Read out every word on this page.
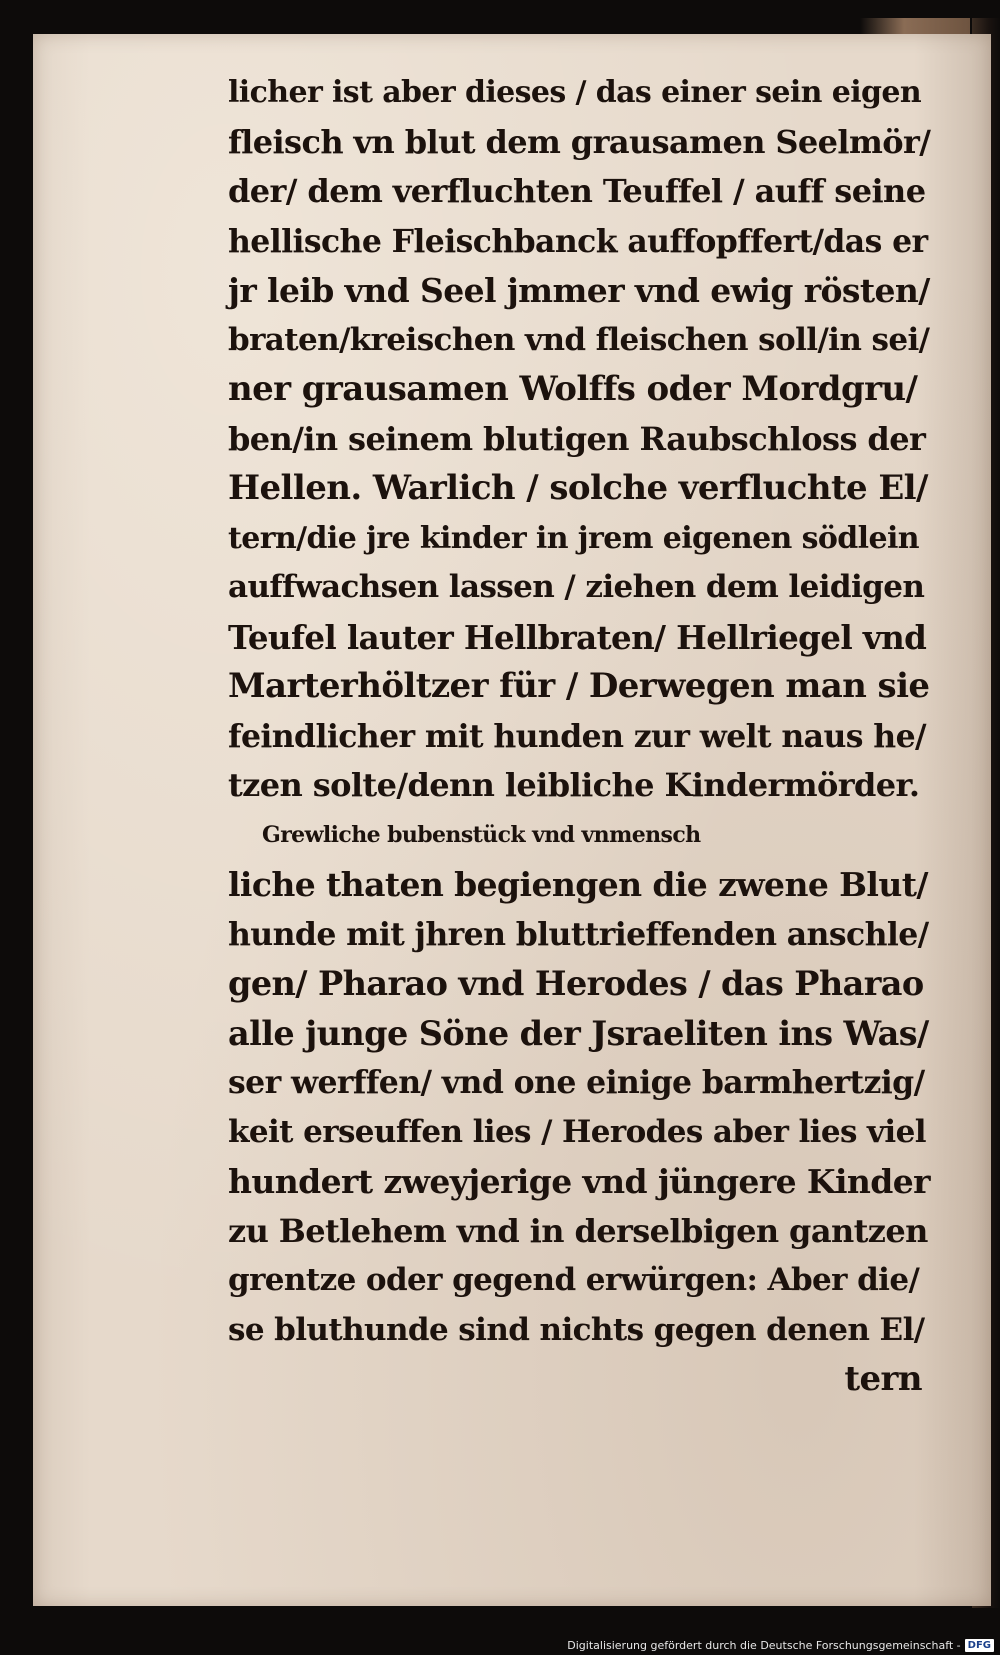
licher ist aber dieses / das einer sein eigen
fleisch vn blut dem grausamen Seelmör/
der/ dem verfluchten Teuffel / auff seine
hellische Fleischbanck auffopffert/das er
jr leib vnd Seel jmmer vnd ewig rösten/
braten/kreischen vnd fleischen soll/in sei/
ner grausamen Wolffs oder Mordgru/
ben/in seinem blutigen Raubschloss der
Hellen. Warlich / solche verfluchte El/
tern/die jre kinder in jrem eigenen södlein
auffwachsen lassen / ziehen dem leidigen
Teufel lauter Hellbraten/ Hellriegel vnd
Marterhöltzer für / Derwegen man sie
feindlicher mit hunden zur welt naus he/
tzen solte/denn leibliche Kindermörder.
Grewliche bubenstück vnd vnmensch
liche thaten begiengen die zwene Blut/
hunde mit jhren bluttrieffenden anschle/
gen/ Pharao vnd Herodes / das Pharao
alle junge Söne der Jsraeliten ins Was/
ser werffen/ vnd one einige barmhertzig/
keit erseuffen lies / Herodes aber lies viel
hundert zweyjerige vnd jüngere Kinder
zu Betlehem vnd in derselbigen gantzen
grentze oder gegend erwürgen: Aber die/
se bluthunde sind nichts gegen denen El/
tern
Digitalisierung gefördert durch die Deutsche Forschungsgemeinschaft - DFG
